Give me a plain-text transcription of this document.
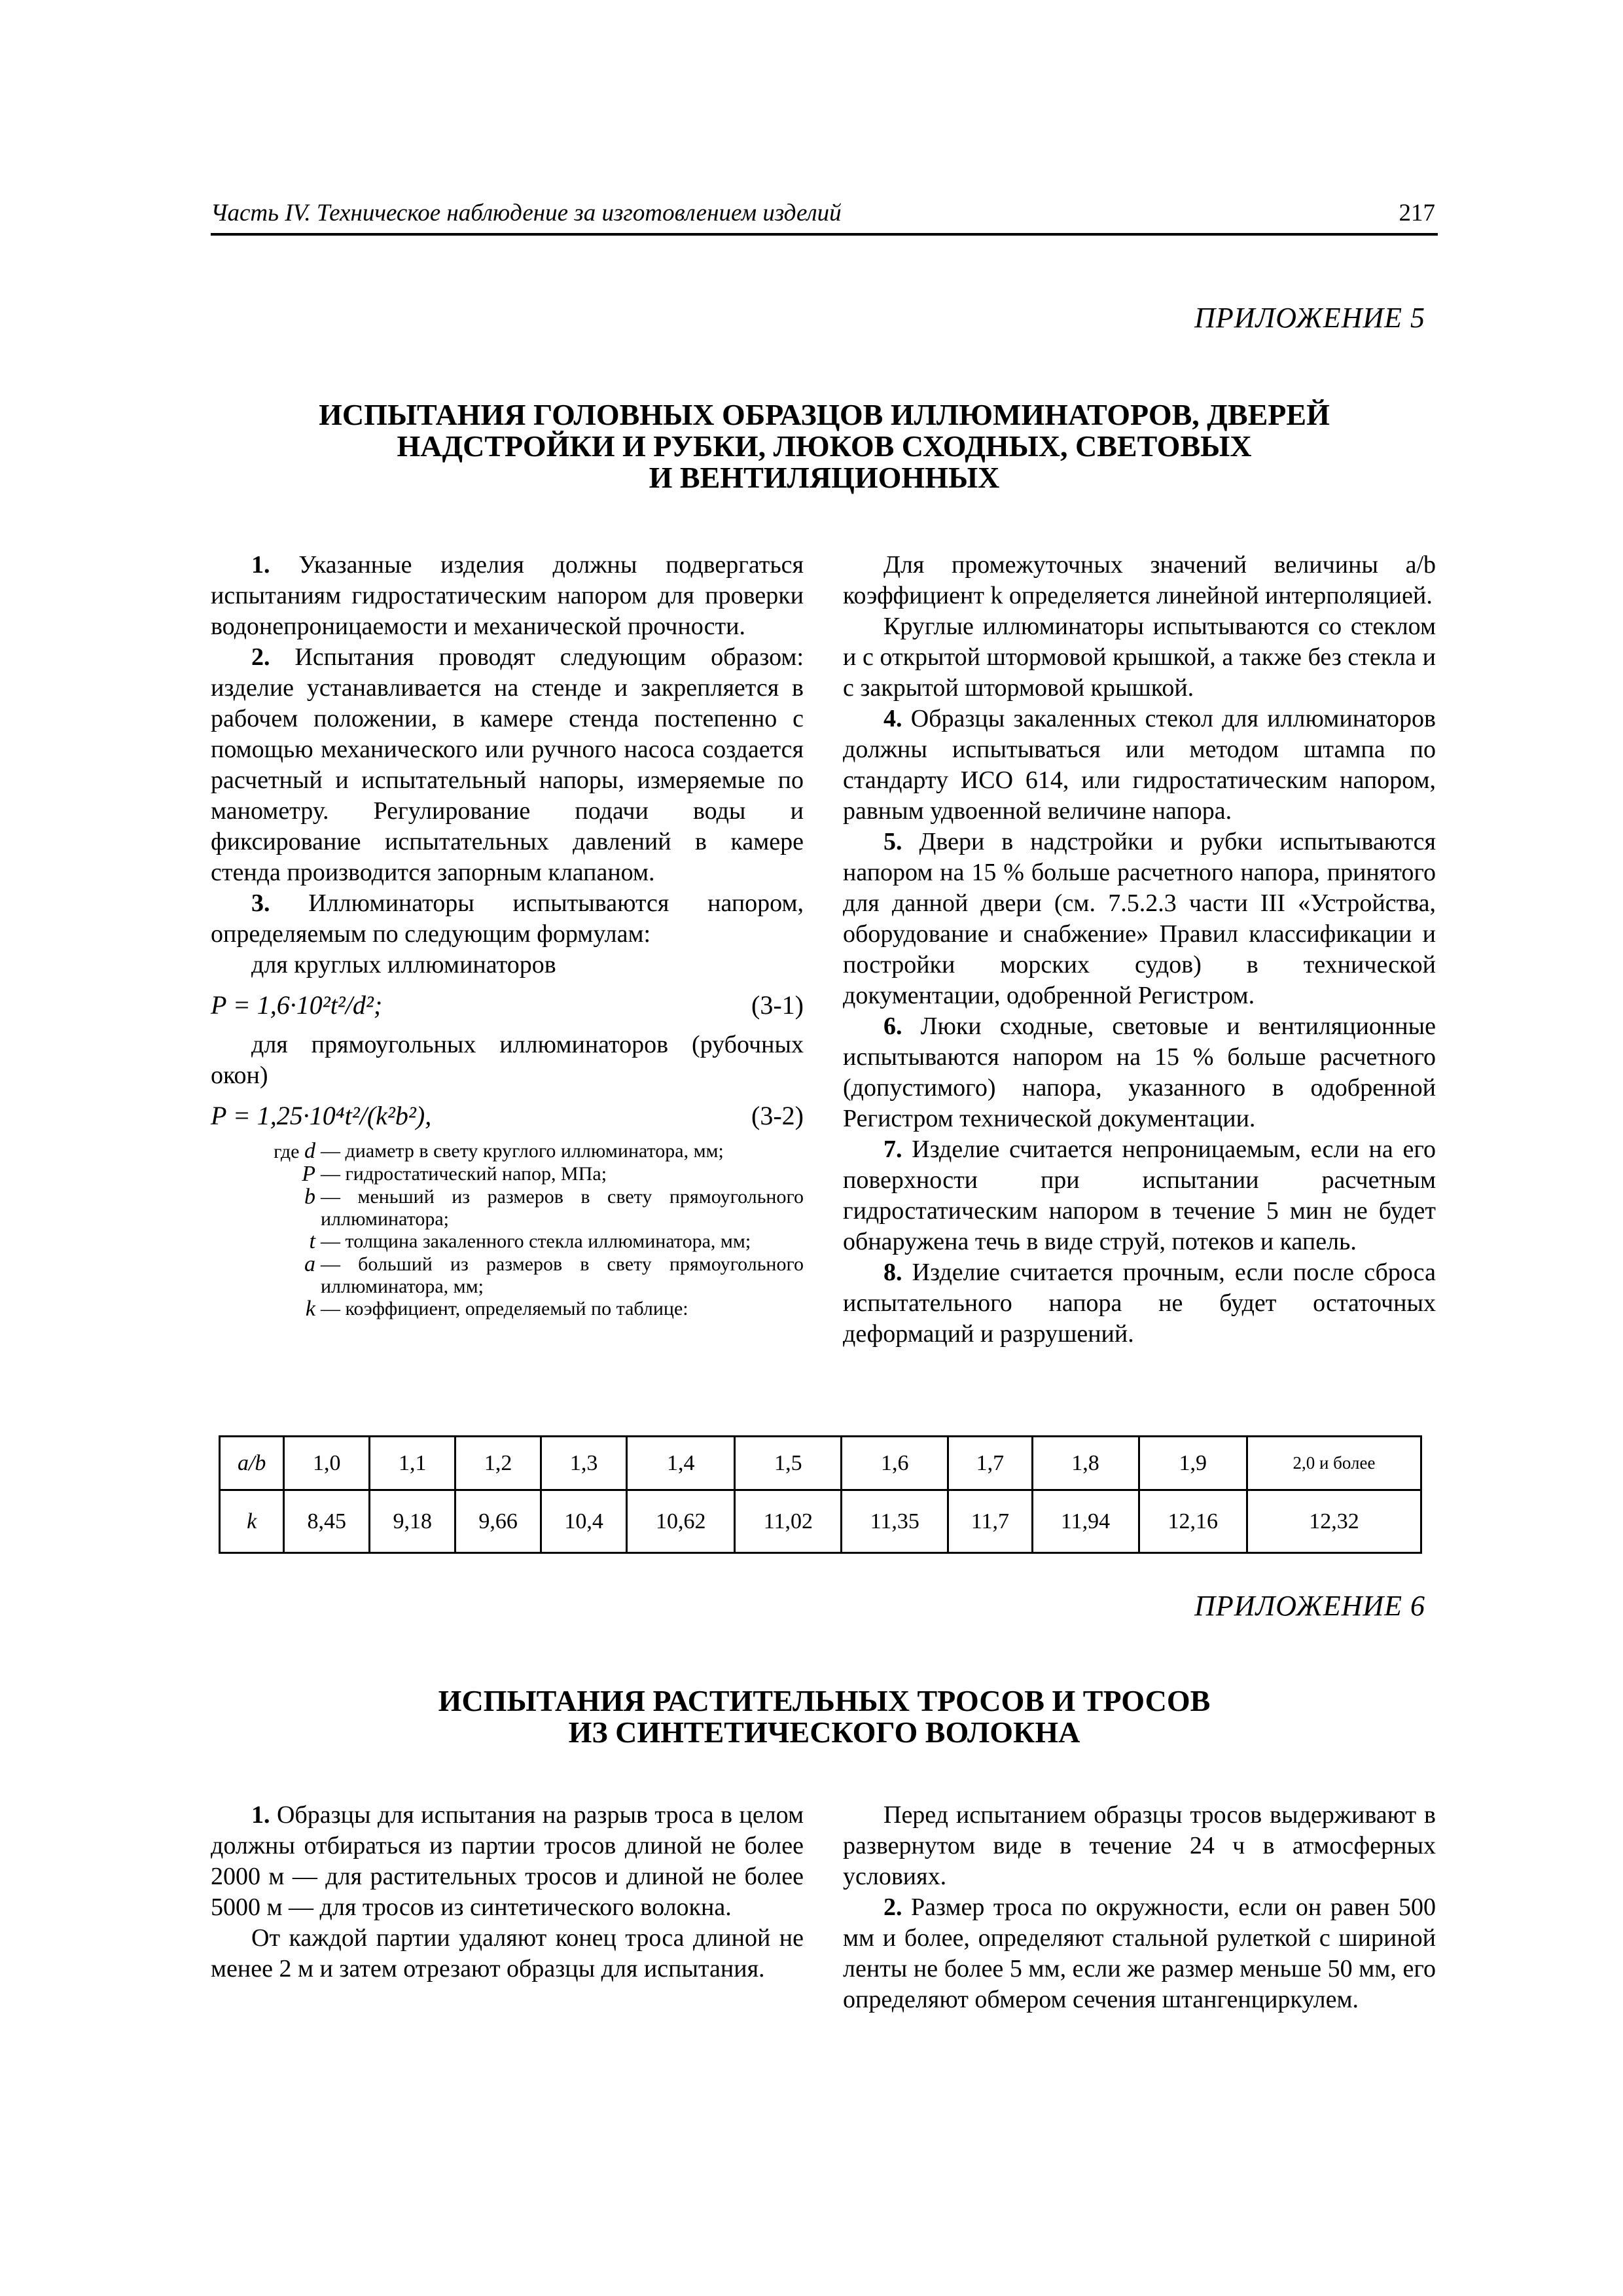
Часть IV. Техническое наблюдение за изготовлением изделий	217
ПРИЛОЖЕНИЕ 5
ИСПЫТАНИЯ ГОЛОВНЫХ ОБРАЗЦОВ ИЛЛЮМИНАТОРОВ, ДВЕРЕЙ
НАДСТРОЙКИ И РУБКИ, ЛЮКОВ СХОДНЫХ, СВЕТОВЫХ
И ВЕНТИЛЯЦИОННЫХ

1. Указанные изделия должны подвергаться испытаниям гидростатическим напором для проверки водонепроницаемости и механической прочности.

2. Испытания проводят следующим образом: изделие устанавливается на стенде и закрепляется в рабочем положении, в камере стенда постепенно с помощью механического или ручного насоса создается расчетный и испытательный напоры, измеряемые по манометру. Регулирование подачи воды и фиксирование испытательных давлений в камере стенда производится запорным клапаном.

3. Иллюминаторы испытываются напором, определяемым по следующим формулам:

для круглых иллюминаторов

P = 1,6·10²t²/d²;	(3-1)

для прямоугольных иллюминаторов (рубочных окон)

P = 1,25·10⁴t²/(k²b²),	(3-2)
где d — диаметр в свету круглого иллюминатора, мм;
P — гидростатический напор, МПа;
b — меньший из размеров в свету прямоугольного иллюминатора;
t — толщина закаленного стекла иллюминатора, мм;
a — больший из размеров в свету прямоугольного иллюминатора, мм;
k — коэффициент, определяемый по таблице:

Для промежуточных значений величины a/b коэффициент k определяется линейной интерполяцией.

Круглые иллюминаторы испытываются со стеклом и с открытой штормовой крышкой, а также без стекла и с закрытой штормовой крышкой.

4. Образцы закаленных стекол для иллюминаторов должны испытываться или методом штампа по стандарту ИСО 614, или гидростатическим напором, равным удвоенной величине напора.

5. Двери в надстройки и рубки испытываются напором на 15 % больше расчетного напора, принятого для данной двери (см. 7.5.2.3 части III «Устройства, оборудование и снабжение» Правил классификации и постройки морских судов) в технической документации, одобренной Регистром.

6. Люки сходные, световые и вентиляционные испытываются напором на 15 % больше расчетного (допустимого) напора, указанного в одобренной Регистром технической документации.

7. Изделие считается непроницаемым, если на его поверхности при испытании расчетным гидростатическим напором в течение 5 мин не будет обнаружена течь в виде струй, потеков и капель.

8. Изделие считается прочным, если после сброса испытательного напора не будет остаточных деформаций и разрушений.

a/b	1,0	1,1	1,2	1,3	1,4	1,5	1,6	1,7	1,8	1,9	2,0 и более
k	8,45	9,18	9,66	10,4	10,62	11,02	11,35	11,7	11,94	12,16	12,32
ПРИЛОЖЕНИЕ 6
ИСПЫТАНИЯ РАСТИТЕЛЬНЫХ ТРОСОВ И ТРОСОВ
ИЗ СИНТЕТИЧЕСКОГО ВОЛОКНА

1. Образцы для испытания на разрыв троса в целом должны отбираться из партии тросов длиной не более 2000 м — для растительных тросов и длиной не более 5000 м — для тросов из синтетического волокна.

От каждой партии удаляют конец троса длиной не менее 2 м и затем отрезают образцы для испытания.

Перед испытанием образцы тросов выдерживают в развернутом виде в течение 24 ч в атмосферных условиях.

2. Размер троса по окружности, если он равен 500 мм и более, определяют стальной рулеткой с шириной ленты не более 5 мм, если же размер меньше 50 мм, его определяют обмером сечения штангенциркулем.
